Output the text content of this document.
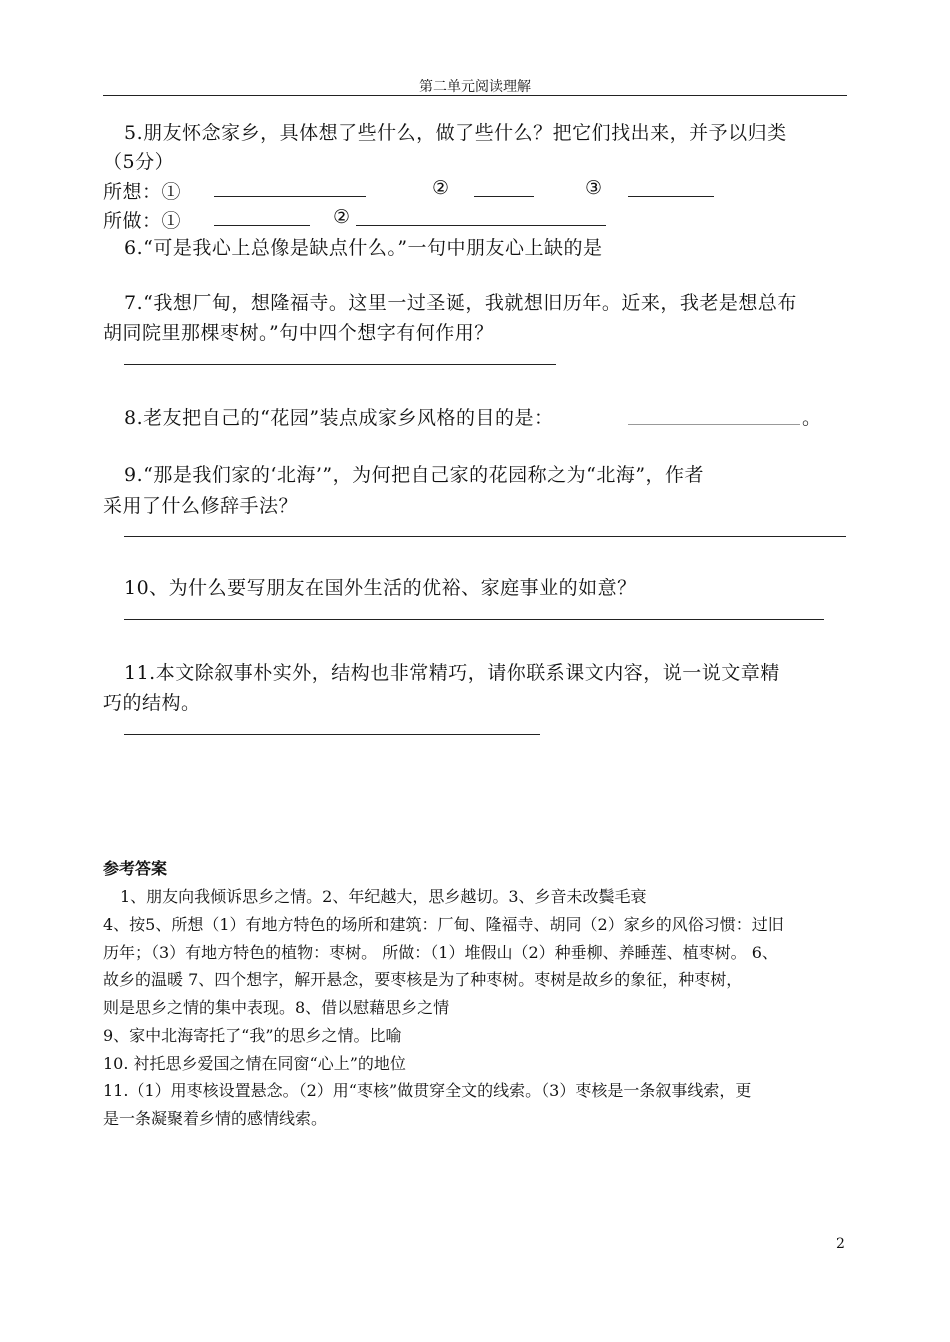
第二单元阅读理解
5.朋友怀念家乡，具体想了些什么，做了些什么？把它们找出来，并予以归类
（5分）
所想：①	②	③
所做：①	②
6.“可是我心上总像是缺点什么。”一句中朋友心上缺的是
7.“我想厂甸，想隆福寺。这里一过圣诞，我就想旧历年。近来，我老是想总布
胡同院里那棵枣树。”句中四个想字有何作用？
8.老友把自己的“花园”装点成家乡风格的目的是：	。
9.“那是我们家的‘北海’”，为何把自己家的花园称之为“北海”，作者
采用了什么修辞手法？
10、为什么要写朋友在国外生活的优裕、家庭事业的如意？
11.本文除叙事朴实外，结构也非常精巧，请你联系课文内容，说一说文章精
巧的结构。
参考答案
1、朋友向我倾诉思乡之情。2、年纪越大，思乡越切。3、乡音未改鬓毛衰
4、按5、所想（1）有地方特色的场所和建筑：厂甸、隆福寺、胡同（2）家乡的风俗习惯：过旧
历年；（3）有地方特色的植物：枣树。 所做：（1）堆假山（2）种垂柳、养睡莲、植枣树。 6、
故乡的温暖 7、四个想字，解开悬念，要枣核是为了种枣树。枣树是故乡的象征，种枣树，
则是思乡之情的集中表现。8、借以慰藉思乡之情
9、家中北海寄托了“我”的思乡之情。比喻
10. 衬托思乡爱国之情在同窗“心上”的地位
11.（1）用枣核设置悬念。（2）用“枣核”做贯穿全文的线索。（3）枣核是一条叙事线索，更
是一条凝聚着乡情的感情线索。
2
